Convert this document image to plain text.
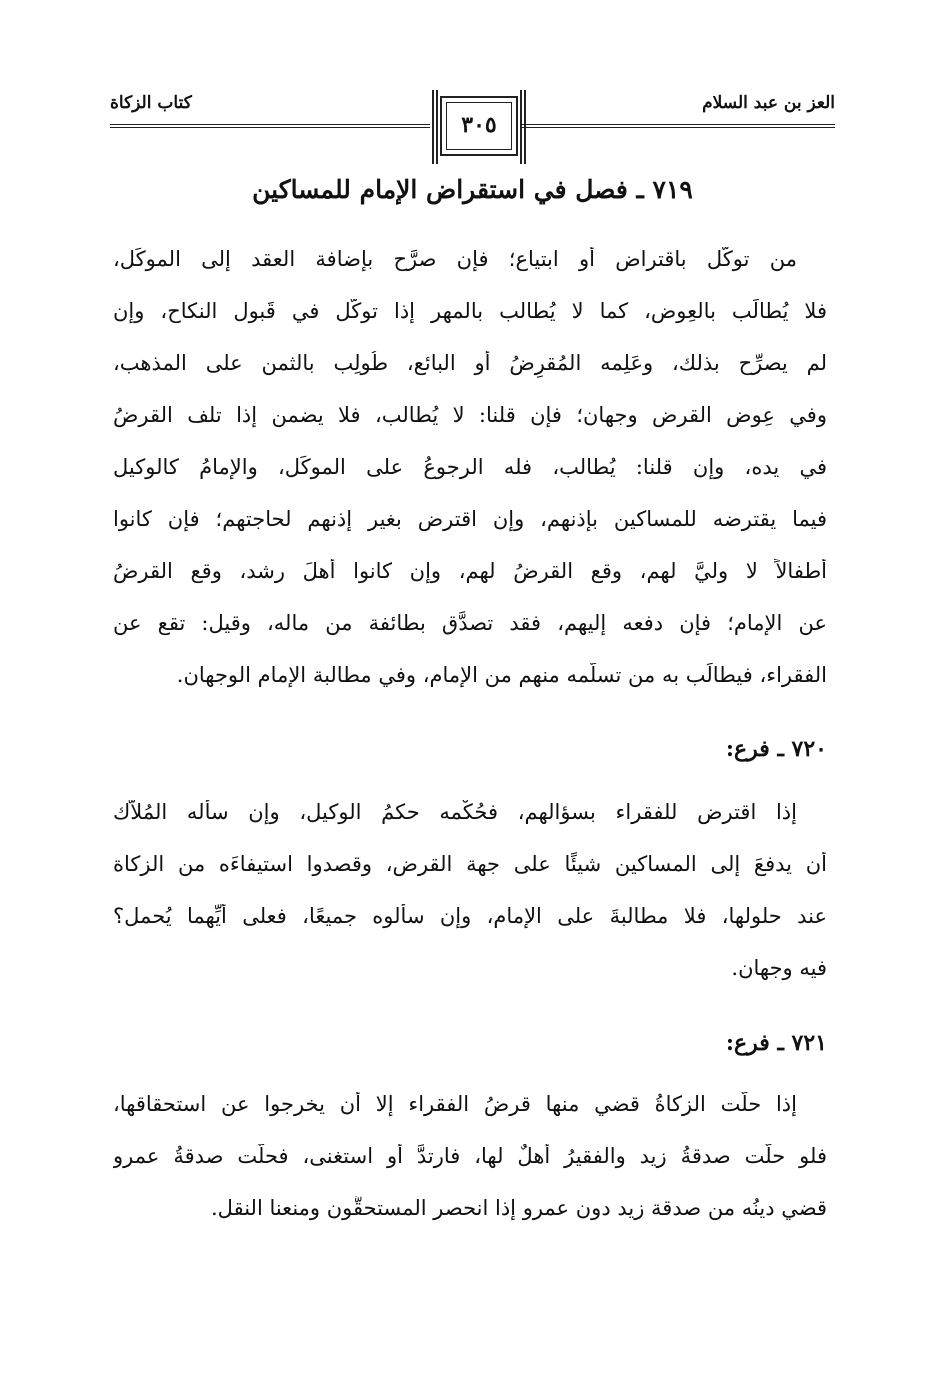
العز بن عبد السلام
٣٠٥
كتاب الزكاة
٧١٩ ـ فصل في استقراض الإمام للمساكين
من توكَّل باقتراض أو ابتياع؛ فإن صرَّح بإضافة العقد إلى الموكِّل،
فلا يُطالَب بالعِوض، كما لا يُطالب بالمهر إذا توكَّل في قَبول النكاح، وإن
لم يصرِّح بذلك، وعَلِمه المُقرِضُ أو البائع، طُولِب بالثمن على المذهب،
وفي عِوض القرض وجهان؛ فإن قلنا: لا يُطالب، فلا يضمن إذا تلف القرضُ
في يده، وإن قلنا: يُطالب، فله الرجوعُ على الموكِّل، والإمامُ كالوكيل
فيما يقترضه للمساكين بإذنهم، وإن اقترض بغير إذنهم لحاجتهم؛ فإن كانوا
أطفالاً لا وليَّ لهم، وقع القرضُ لهم، وإن كانوا أهلَ رشد، وقع القرضُ
عن الإمام؛ فإن دفعه إليهم، فقد تصدَّق بطائفة من ماله، وقيل: تقع عن
الفقراء، فيطالَب به من تسلَّمه منهم من الإمام، وفي مطالبة الإمام الوجهان.
٧٢٠ ـ فرع:
إذا اقترض للفقراء بسؤالهم، فحُكْمه حكمُ الوكيل، وإن سأله المُلاَّك
أن يدفعَ إلى المساكين شيئًا على جهة القرض، وقصدوا استيفاءَه من الزكاة
عند حلولها، فلا مطالبةَ على الإمام، وإن سألوه جميعًا، فعلى أيِّهما يُحمل؟
فيه وجهان.
٧٢١ ـ فرع:
إذا حلَّت الزكاةُ قضي منها قرضُ الفقراء إلا أن يخرجوا عن استحقاقها،
فلو حلَّت صدقةُ زيد والفقيرُ أهلٌ لها، فارتدَّ أو استغنى، فحلَّت صدقةُ عمرو
قضي دينُه من صدقة زيد دون عمرو إذا انحصر المستحقُّون ومنعنا النقل.
